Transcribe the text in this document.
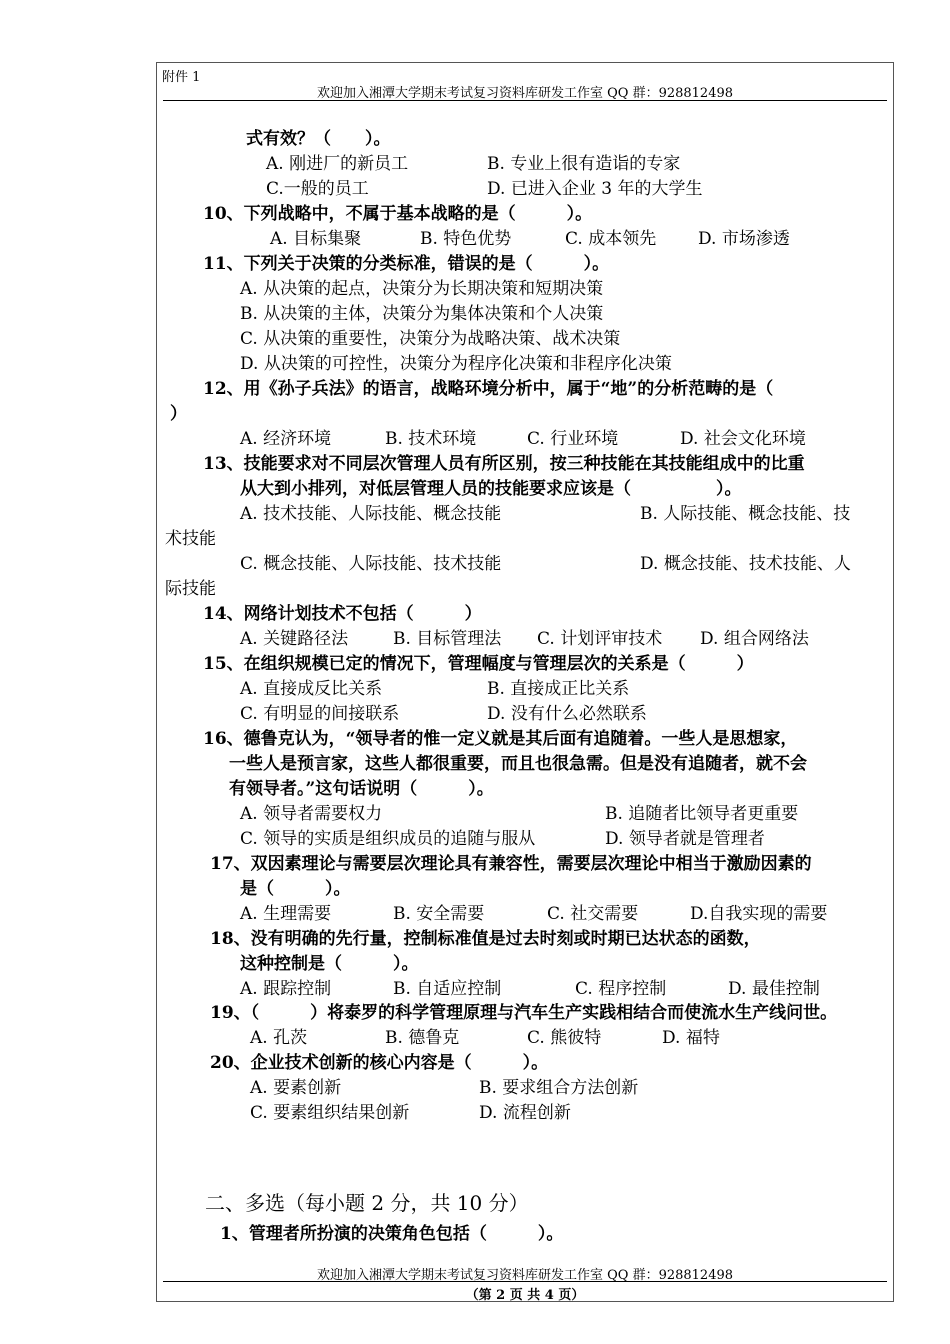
附件 1
欢迎加入湘潭大学期末考试复习资料库研发工作室 QQ 群：928812498
式有效？（　　）。
A. 刚进厂的新员工	B. 专业上很有造诣的专家
C.一般的员工	D. 已进入企业 3 年的大学生
10、下列战略中，不属于基本战略的是（　　　）。
A. 目标集聚	B. 特色优势	C. 成本领先 D. 市场渗透
11、下列关于决策的分类标准，错误的是（　　　）。
A. 从决策的起点，决策分为长期决策和短期决策
B. 从决策的主体，决策分为集体决策和个人决策
C. 从决策的重要性，决策分为战略决策、战术决策
D. 从决策的可控性，决策分为程序化决策和非程序化决策
12、用《孙子兵法》的语言，战略环境分析中，属于“地”的分析范畴的是（
）
A. 经济环境	B. 技术环境	C. 行业环境	D. 社会文化环境
13、技能要求对不同层次管理人员有所区别，按三种技能在其技能组成中的比重
从大到小排列，对低层管理人员的技能要求应该是（　　　　　）。
A. 技术技能、人际技能、概念技能	B. 人际技能、概念技能、技
术技能
C. 概念技能、人际技能、技术技能	D. 概念技能、技术技能、人
际技能
14、网络计划技术不包括（　　　）
A. 关键路径法	B. 目标管理法 C. 计划评审技术 D. 组合网络法
15、在组织规模已定的情况下，管理幅度与管理层次的关系是（　　　）
A. 直接成反比关系	B. 直接成正比关系
C. 有明显的间接联系	D. 没有什么必然联系
16、德鲁克认为，“领导者的惟一定义就是其后面有追随着。一些人是思想家，
一些人是预言家，这些人都很重要，而且也很急需。但是没有追随者，就不会
有领导者。”这句话说明（　　　）。
A. 领导者需要权力	B. 追随者比领导者更重要
C. 领导的实质是组织成员的追随与服从	D. 领导者就是管理者
17、双因素理论与需要层次理论具有兼容性，需要层次理论中相当于激励因素的
是（　　　）。
A. 生理需要	B. 安全需要	C. 社交需要	D.自我实现的需要
18、没有明确的先行量，控制标准值是过去时刻或时期已达状态的函数，
这种控制是（　　　）。
A. 跟踪控制	B. 自适应控制	C. 程序控制	D. 最佳控制
19、（　　　）将泰罗的科学管理原理与汽车生产实践相结合而使流水生产线问世。
A. 孔茨	B. 德鲁克	C. 熊彼特	D. 福特
20、企业技术创新的核心内容是（　　　）。
A. 要素创新	B. 要求组合方法创新
C. 要素组织结果创新	D. 流程创新
1、管理者所扮演的决策角色包括（　　　）。
二、多选（每小题 2 分，共 10 分）
欢迎加入湘潭大学期末考试复习资料库研发工作室 QQ 群：928812498
（第 2 页 共 4 页）
